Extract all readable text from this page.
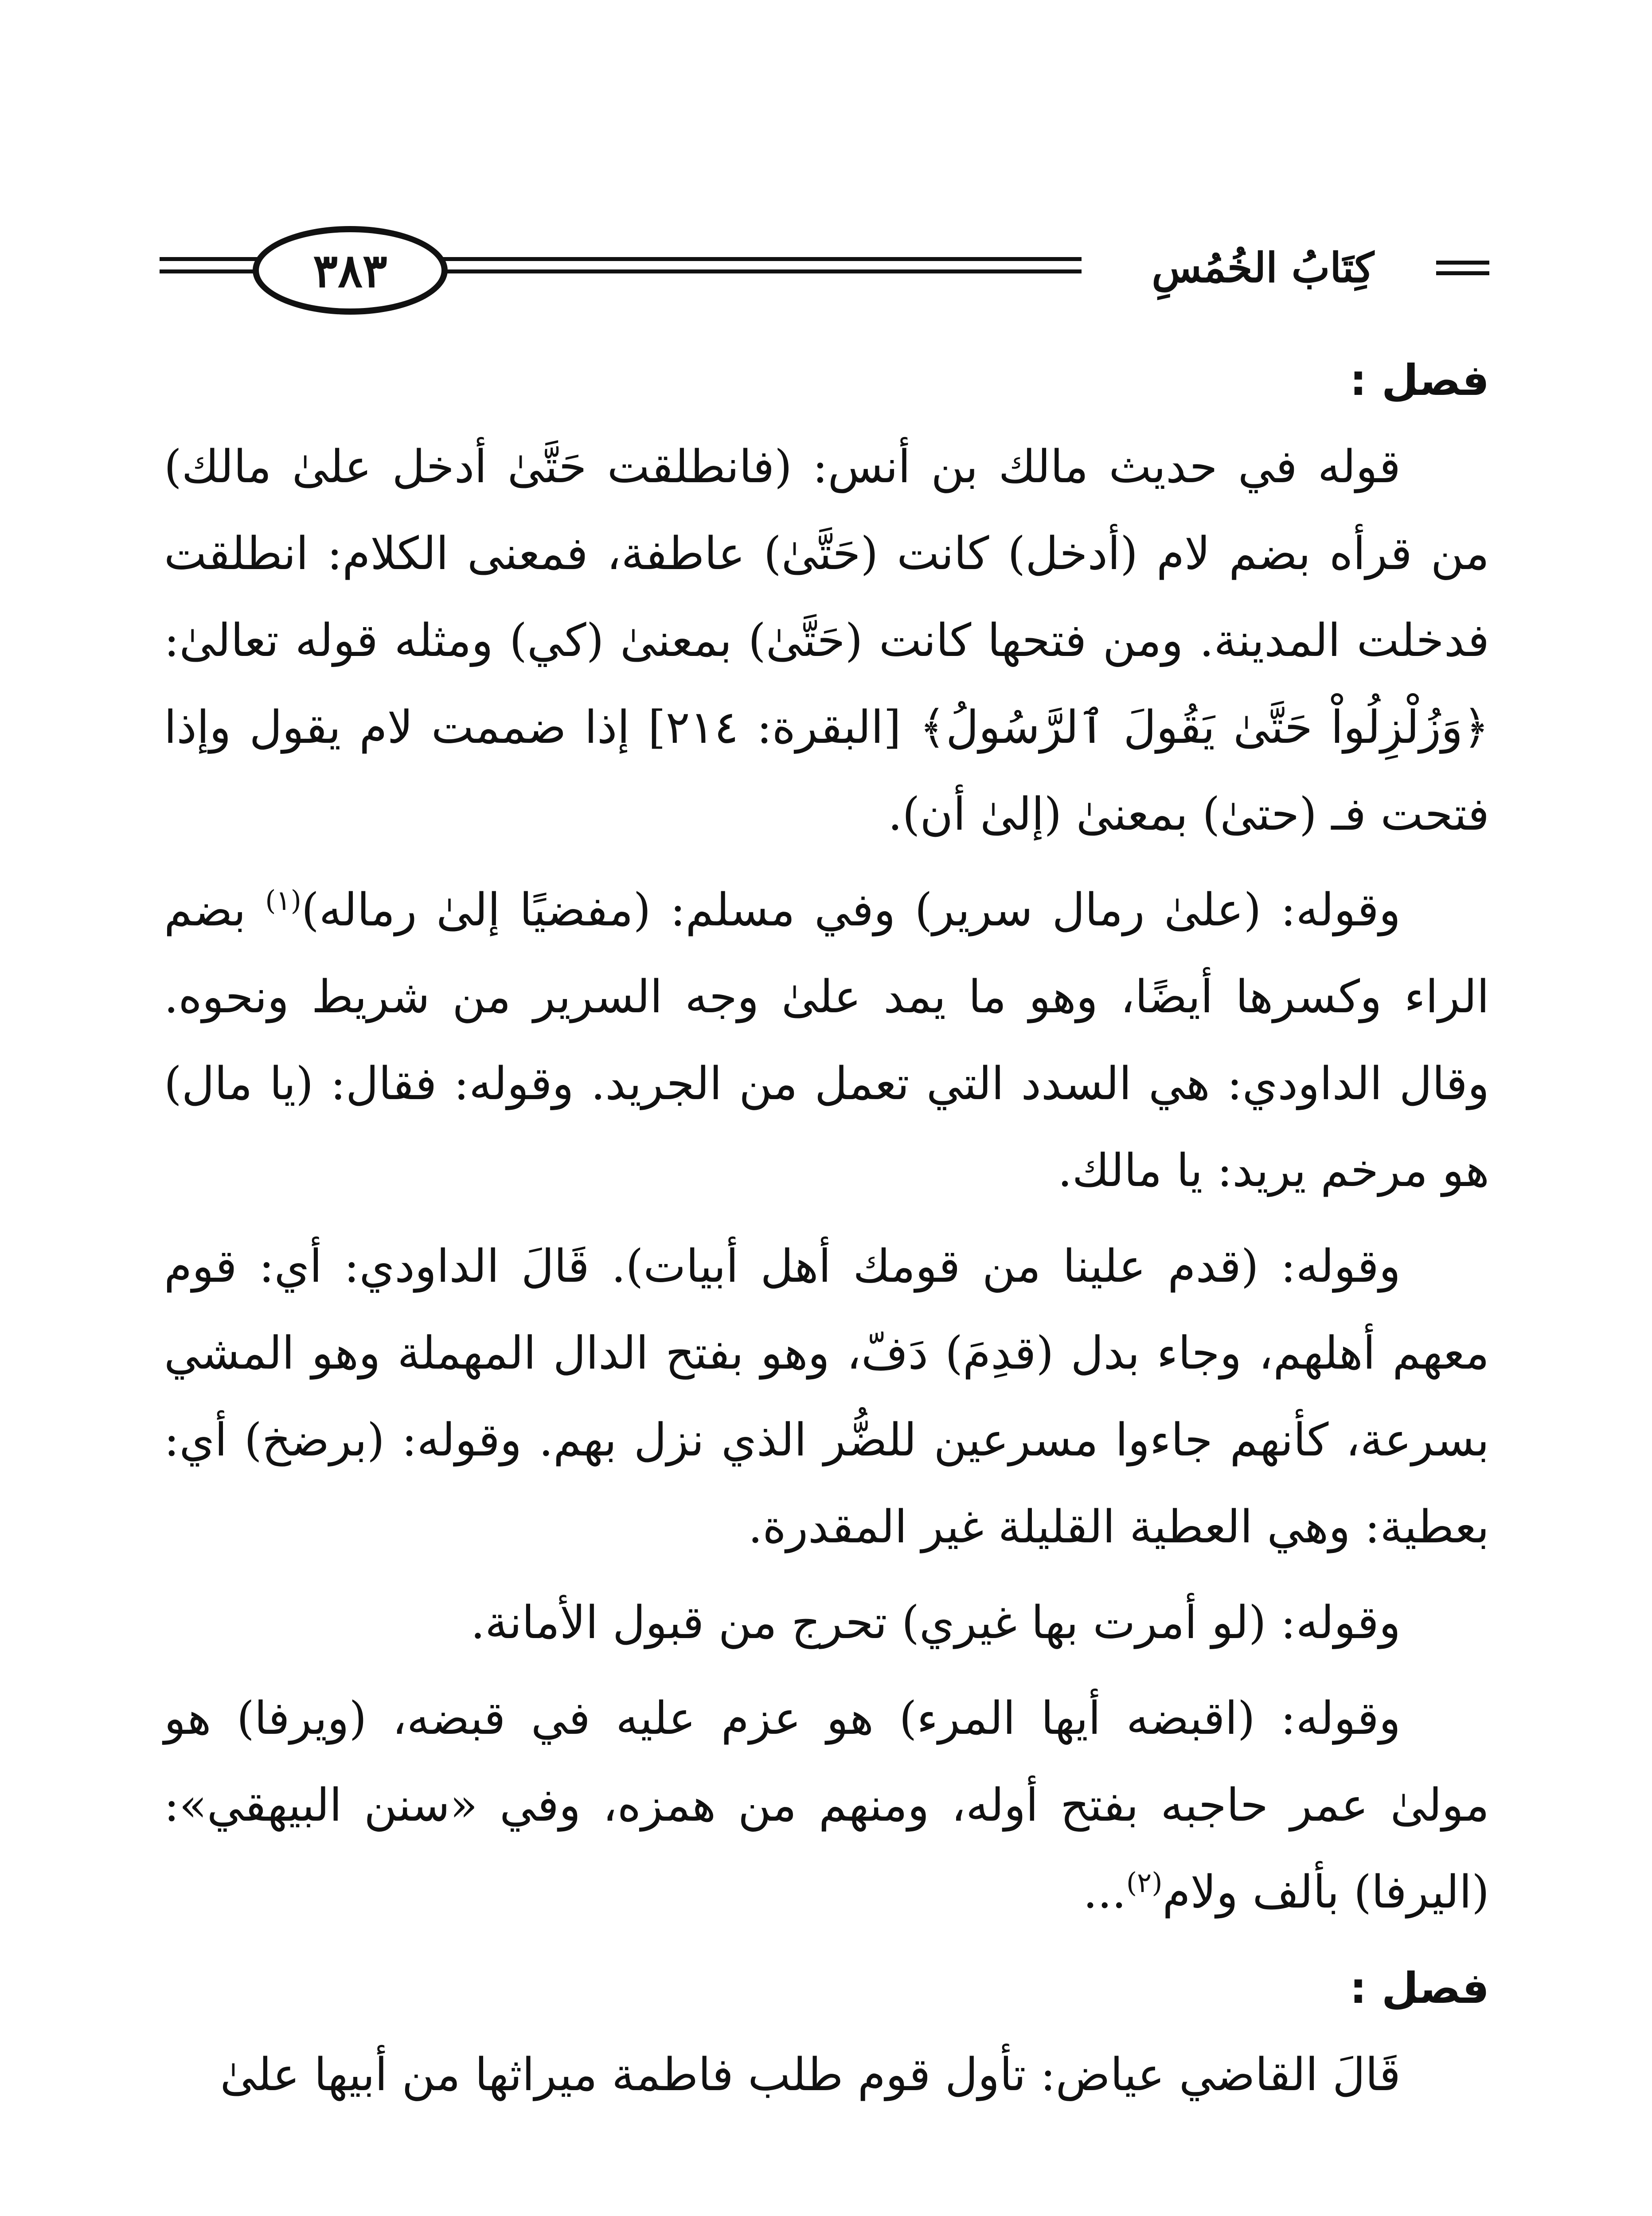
كِتَابُ الخُمُسِ
٣٨٣

فصل :

قوله في حديث مالك بن أنس: (فانطلقت حَتَّىٰ أدخل علىٰ مالك) من قرأه بضم لام (أدخل) كانت (حَتَّىٰ) عاطفة، فمعنى الكلام: انطلقت فدخلت المدينة. ومن فتحها كانت (حَتَّىٰ) بمعنىٰ (كي) ومثله قوله تعالىٰ: ﴿وَزُلْزِلُواْ حَتَّىٰ يَقُولَ ٱلرَّسُولُ﴾ [البقرة: ٢١٤] إذا ضممت لام يقول وإذا فتحت فـ (حتىٰ) بمعنىٰ (إلىٰ أن).

وقوله: (علىٰ رمال سرير) وفي مسلم: (مفضيًا إلىٰ رماله)$^{(١)}$ بضم الراء وكسرها أيضًا، وهو ما يمد علىٰ وجه السرير من شريط ونحوه. وقال الداودي: هي السدد التي تعمل من الجريد. وقوله: فقال: (يا مال) هو مرخم يريد: يا مالك.

وقوله: (قدم علينا من قومك أهل أبيات). قَالَ الداودي: أي: قوم معهم أهلهم، وجاء بدل (قدِمَ) دَفّ، وهو بفتح الدال المهملة وهو المشي بسرعة، كأنهم جاءوا مسرعين للضُّر الذي نزل بهم. وقوله: (برضخ) أي: بعطية: وهي العطية القليلة غير المقدرة.

وقوله: (لو أمرت بها غيري) تحرج من قبول الأمانة.

وقوله: (اقبضه أيها المرء) هو عزم عليه في قبضه، (ويرفا) هو مولىٰ عمر حاجبه بفتح أوله، ومنهم من همزه، وفي «سنن البيهقي»: (اليرفا) بألف ولام$^{(٢)}$...

فصل :

قَالَ القاضي عياض: تأول قوم طلب فاطمة ميراثها من أبيها علىٰ
